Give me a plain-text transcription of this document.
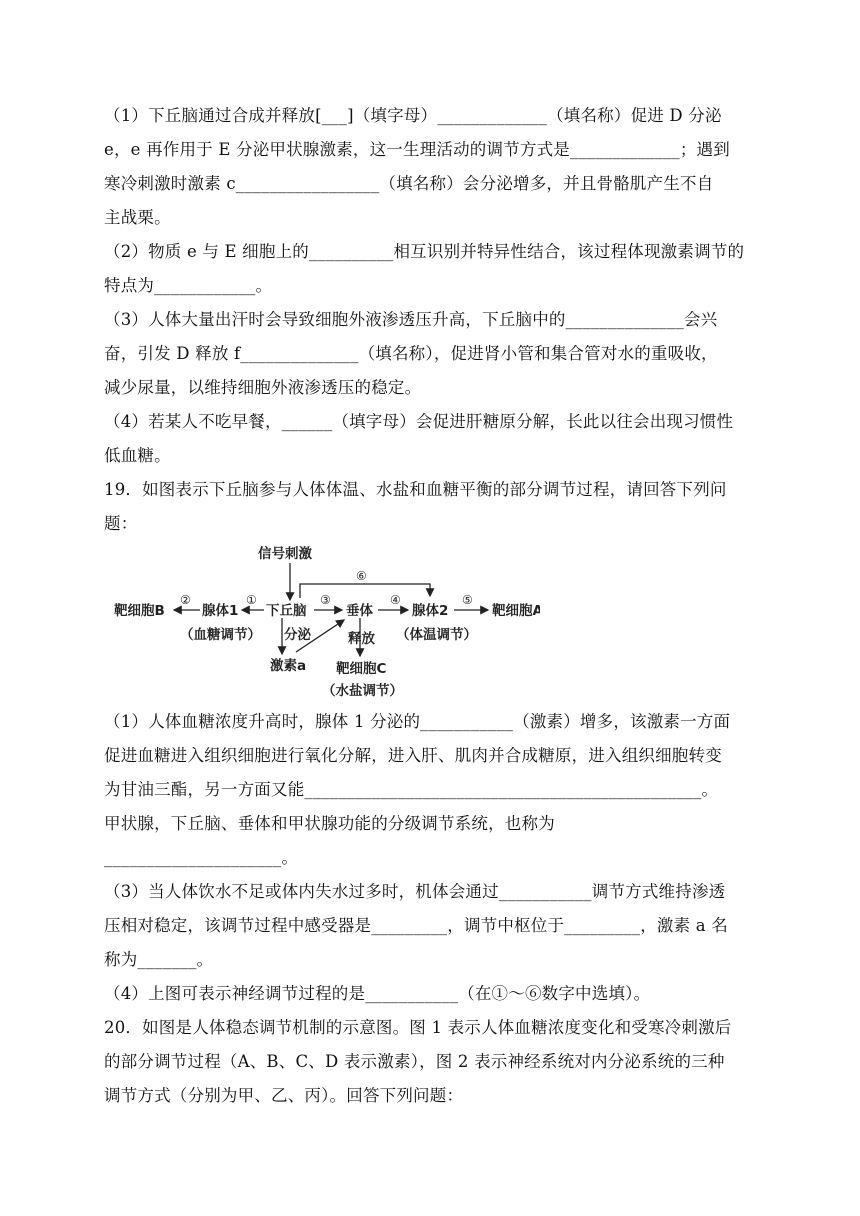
（1）下丘脑通过合成并释放[___]（填字母）_____________（填名称）促进 D 分泌
e，e 再作用于 E 分泌甲状腺激素，这一生理活动的调节方式是_____________；遇到
寒冷刺激时激素 c_________________（填名称）会分泌增多，并且骨骼肌产生不自
主战栗。
（2）物质 e 与 E 细胞上的__________相互识别并特异性结合，该过程体现激素调节的
特点为____________。
（3）人体大量出汗时会导致细胞外液渗透压升高，下丘脑中的______________会兴
奋，引发 D 释放 f______________（填名称），促进肾小管和集合管对水的重吸收，
减少尿量，以维持细胞外液渗透压的稳定。
（4）若某人不吃早餐，______（填字母）会促进肝糖原分解，长此以往会出现习惯性
低血糖。
19．如图表示下丘脑参与人体体温、水盐和血糖平衡的部分调节过程，请回答下列问
题：
信号刺激
靶细胞B	腺体1 下丘脑	垂体	腺体2	靶细胞A
（血糖调节） 分泌	释放 （体温调节）
激素a 靶细胞C
（水盐调节）
①
②	③	④	⑤
⑥
（1）人体血糖浓度升高时，腺体 1 分泌的___________（激素）增多，该激素一方面
促进血糖进入组织细胞进行氧化分解，进入肝、肌肉并合成糖原，进入组织细胞转变
为甘油三酯，另一方面又能_______________________________________________。
甲状腺，下丘脑、垂体和甲状腺功能的分级调节系统，也称为
_____________________。
（3）当人体饮水不足或体内失水过多时，机体会通过___________调节方式维持渗透
压相对稳定，该调节过程中感受器是_________，调节中枢位于_________，激素 a 名
称为_______。
（4）上图可表示神经调节过程的是___________（在①～⑥数字中选填）。
20．如图是人体稳态调节机制的示意图。图 1 表示人体血糖浓度变化和受寒冷刺激后
的部分调节过程（A、B、C、D 表示激素），图 2 表示神经系统对内分泌系统的三种
调节方式（分别为甲、乙、丙）。回答下列问题：
